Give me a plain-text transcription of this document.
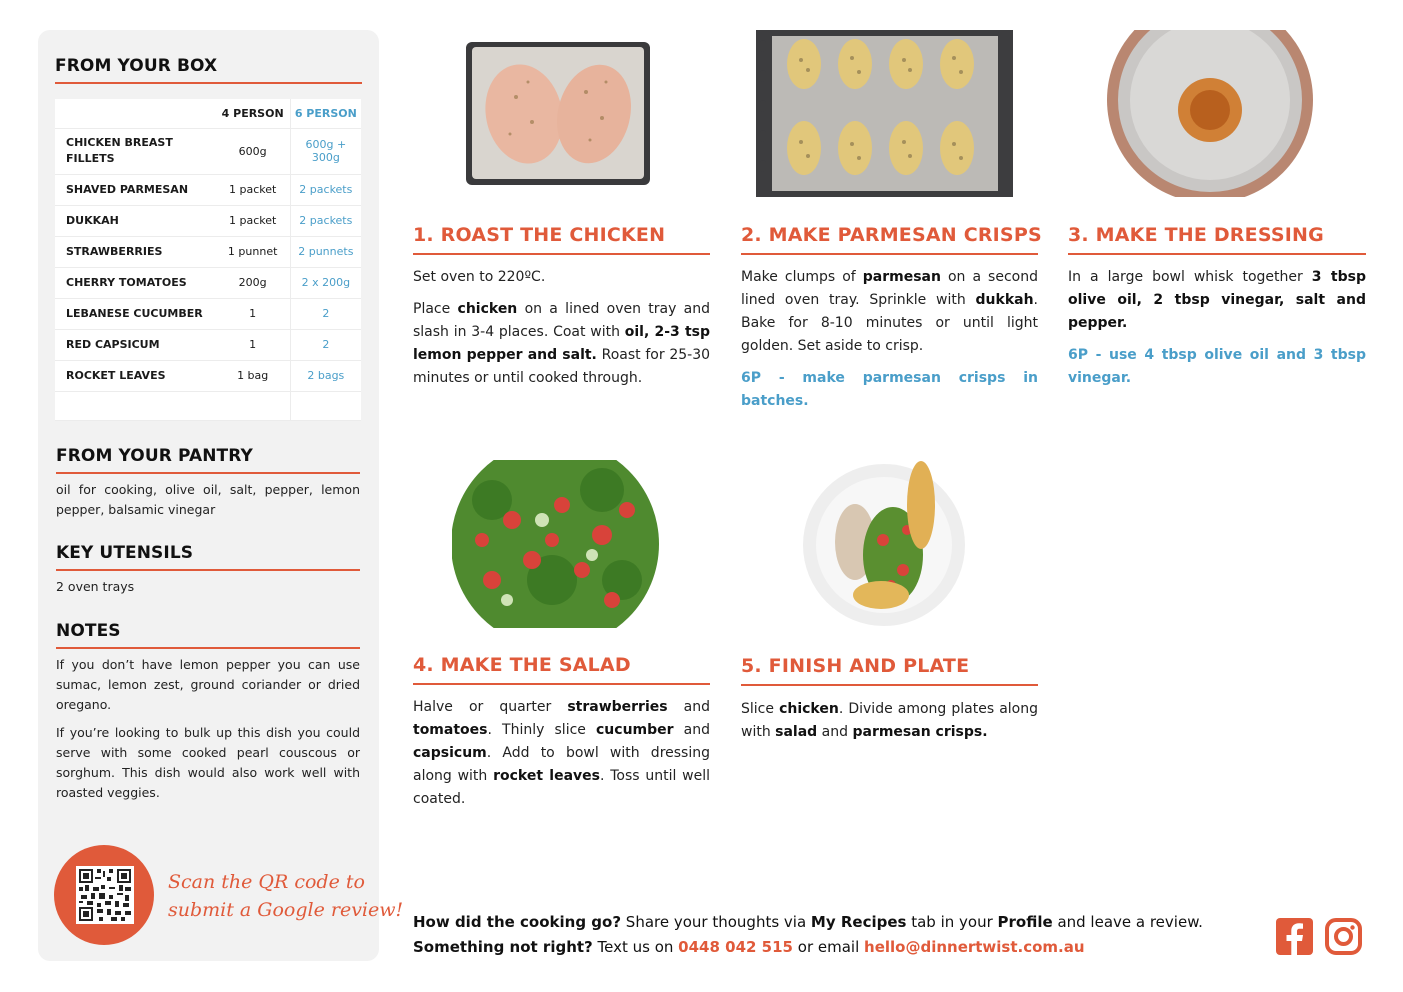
FROM YOUR BOX
	4 PERSON	6 PERSON
CHICKEN BREAST FILLETS	600g	600g + 300g
SHAVED PARMESAN	1 packet	2 packets
DUKKAH	1 packet	2 packets
STRAWBERRIES	1 punnet	2 punnets
CHERRY TOMATOES	200g	2 x 200g
LEBANESE CUCUMBER	1	2
RED CAPSICUM	1	2
ROCKET LEAVES	1 bag	2 bags

FROM YOUR PANTRY
oil for cooking, olive oil, salt, pepper, lemon pepper, balsamic vinegar
KEY UTENSILS
2 oven trays
NOTES
If you don’t have lemon pepper you can use sumac, lemon zest, ground coriander or dried oregano.
If you’re looking to bulk up this dish you could serve with some cooked pearl couscous or sorghum. This dish would also work well with roasted veggies.
Scan the QR code to
submit a Google review!
1. ROAST THE CHICKEN

Set oven to 220ºC.

Place chicken on a lined oven tray and slash in 3-4 places. Coat with oil, 2-3 tsp lemon pepper and salt. Roast for 25-30 minutes or until cooked through.

2. MAKE PARMESAN CRISPS

Make clumps of parmesan on a second lined oven tray. Sprinkle with dukkah. Bake for 8-10 minutes or until light golden. Set aside to crisp.

6P - make parmesan crisps in batches.

3. MAKE THE DRESSING

In a large bowl whisk together 3 tbsp olive oil, 2 tbsp vinegar, salt and pepper.

6P - use 4 tbsp olive oil and 3 tbsp vinegar.

4. MAKE THE SALAD

Halve or quarter strawberries and tomatoes. Thinly slice cucumber and capsicum. Add to bowl with dressing along with rocket leaves. Toss until well coated.

5. FINISH AND PLATE

Slice chicken. Divide among plates along with salad and parmesan crisps.

How did the cooking go? Share your thoughts via My Recipes tab in your Profile and leave a review.
Something not right? Text us on 0448 042 515 or email hello@dinnertwist.com.au
